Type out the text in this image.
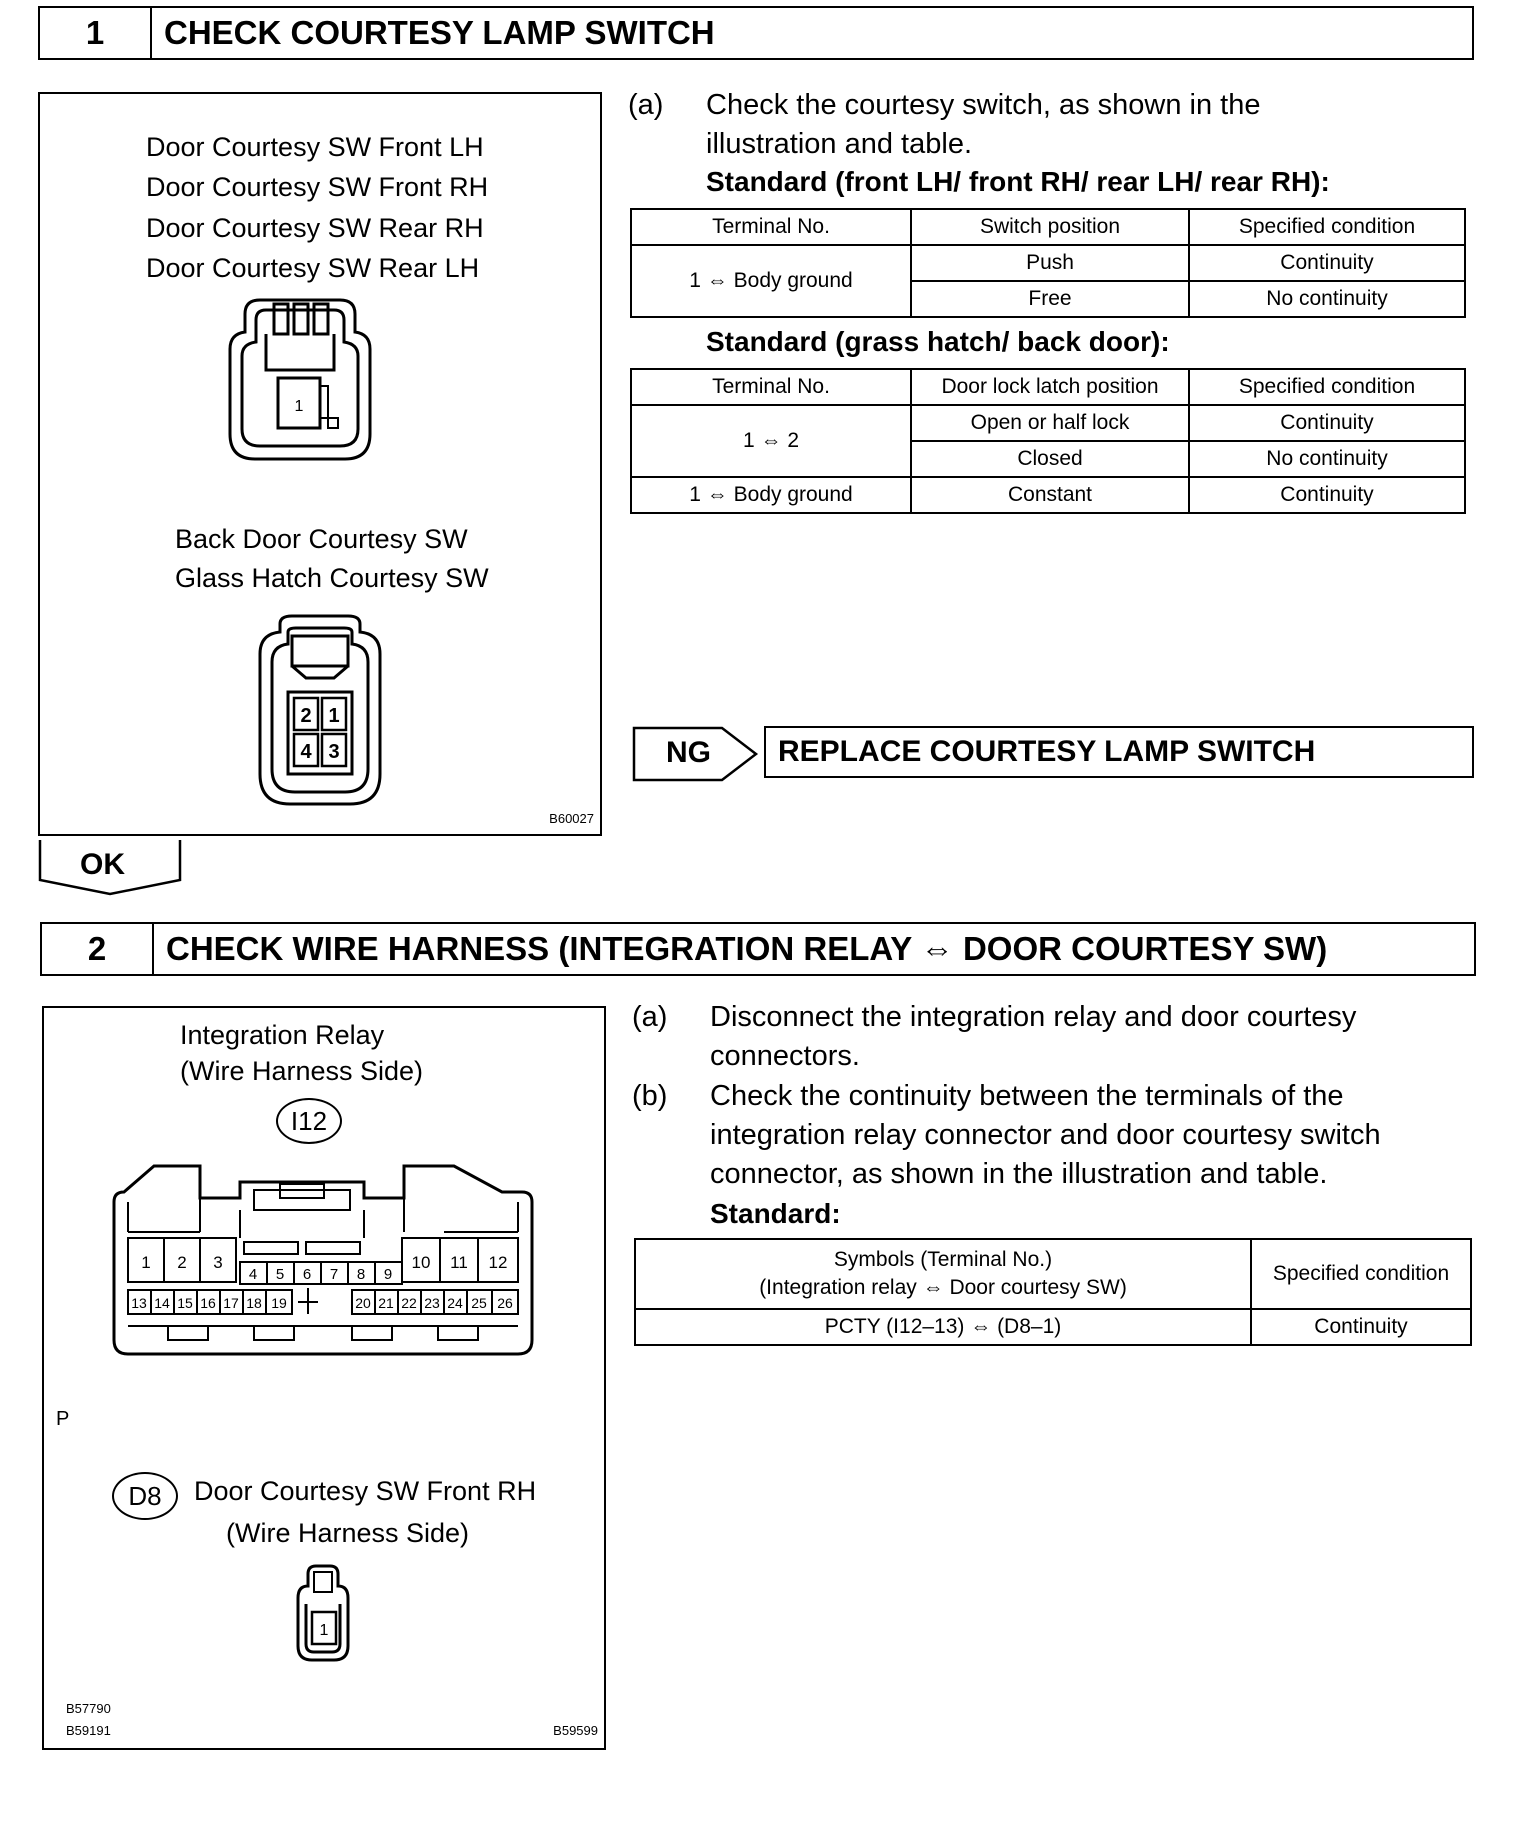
1	CHECK COURTESY LAMP SWITCH
Door Courtesy SW Front LH
Door Courtesy SW Front RH
Door Courtesy SW Rear RH
Door Courtesy SW Rear LH
1
Back Door Courtesy SW
Glass Hatch Courtesy SW
2 1
4 3
B60027
OK
(a) Check the courtesy switch, as shown in the illustration and table.
Standard (front LH/ front RH/ rear LH/ rear RH):
Terminal No.	Switch position	Specified condition
1 ⇔ Body ground	Push	Continuity
	Free	No continuity
Standard (grass hatch/ back door):
Terminal No.	Door lock latch position	Specified condition
1 ⇔ 2	Open or half lock	Continuity
	Closed	No continuity
1 ⇔ Body ground	Constant	Continuity
NG	REPLACE COURTESY LAMP SWITCH
2	CHECK WIRE HARNESS (INTEGRATION RELAY ⇔ DOOR COURTESY SW)
Integration Relay
(Wire Harness Side)
I12
1 2 3	10 11 12
4 5 6 7 8 9
13 14 15 16 17 18 19	20 21 22 23 24 25 26
P
D8	Door Courtesy SW Front RH
(Wire Harness Side)
1
B57790
B59191	B59599
(a) Disconnect the integration relay and door courtesy connectors.
(b) Check the continuity between the terminals of the integration relay connector and door courtesy switch connector, as shown in the illustration and table.
Standard:
Symbols (Terminal No.)
(Integration relay ⇔ Door courtesy SW)	Specified condition
PCTY (I12–13) ⇔ (D8–1)	Continuity
